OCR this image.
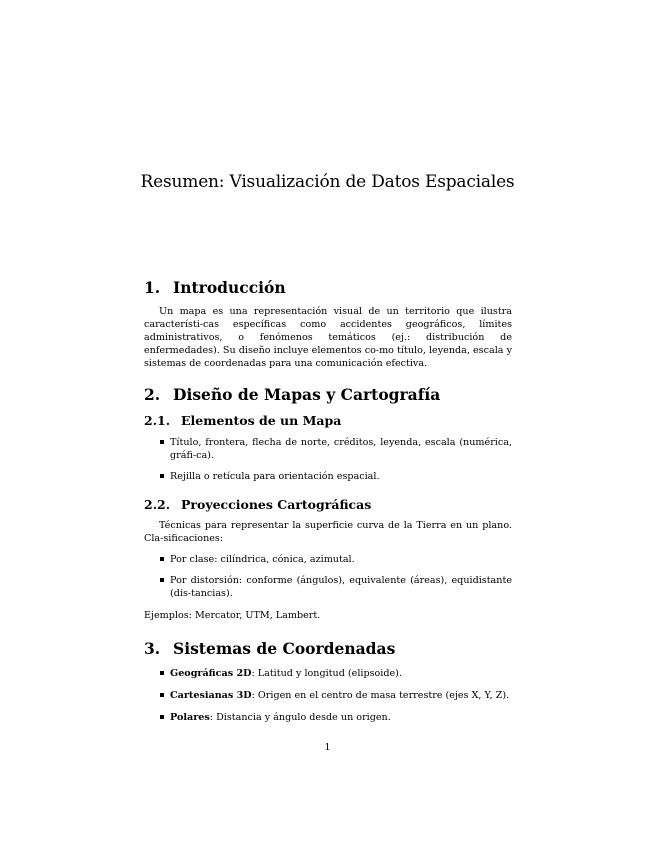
Resumen: Visualización de Datos Espaciales
1. Introducción
Un mapa es una representación visual de un territorio que ilustra característi-cas específicas como accidentes geográficos, límites administrativos, o fenómenos temáticos (ej.: distribución de enfermedades). Su diseño incluye elementos co-mo título, leyenda, escala y sistemas de coordenadas para una comunicación efectiva.
2. Diseño de Mapas y Cartografía
2.1. Elementos de un Mapa
Título, frontera, flecha de norte, créditos, leyenda, escala (numérica, gráfi-ca).
Rejilla o retícula para orientación espacial.
2.2. Proyecciones Cartográficas
Técnicas para representar la superficie curva de la Tierra en un plano. Cla-sificaciones:
Por clase: cilíndrica, cónica, azimutal.
Por distorsión: conforme (ángulos), equivalente (áreas), equidistante (dis-tancias).
Ejemplos: Mercator, UTM, Lambert.
3. Sistemas de Coordenadas
Geográficas 2D: Latitud y longitud (elipsoide).
Cartesianas 3D: Origen en el centro de masa terrestre (ejes X, Y, Z).
Polares: Distancia y ángulo desde un origen.
1
